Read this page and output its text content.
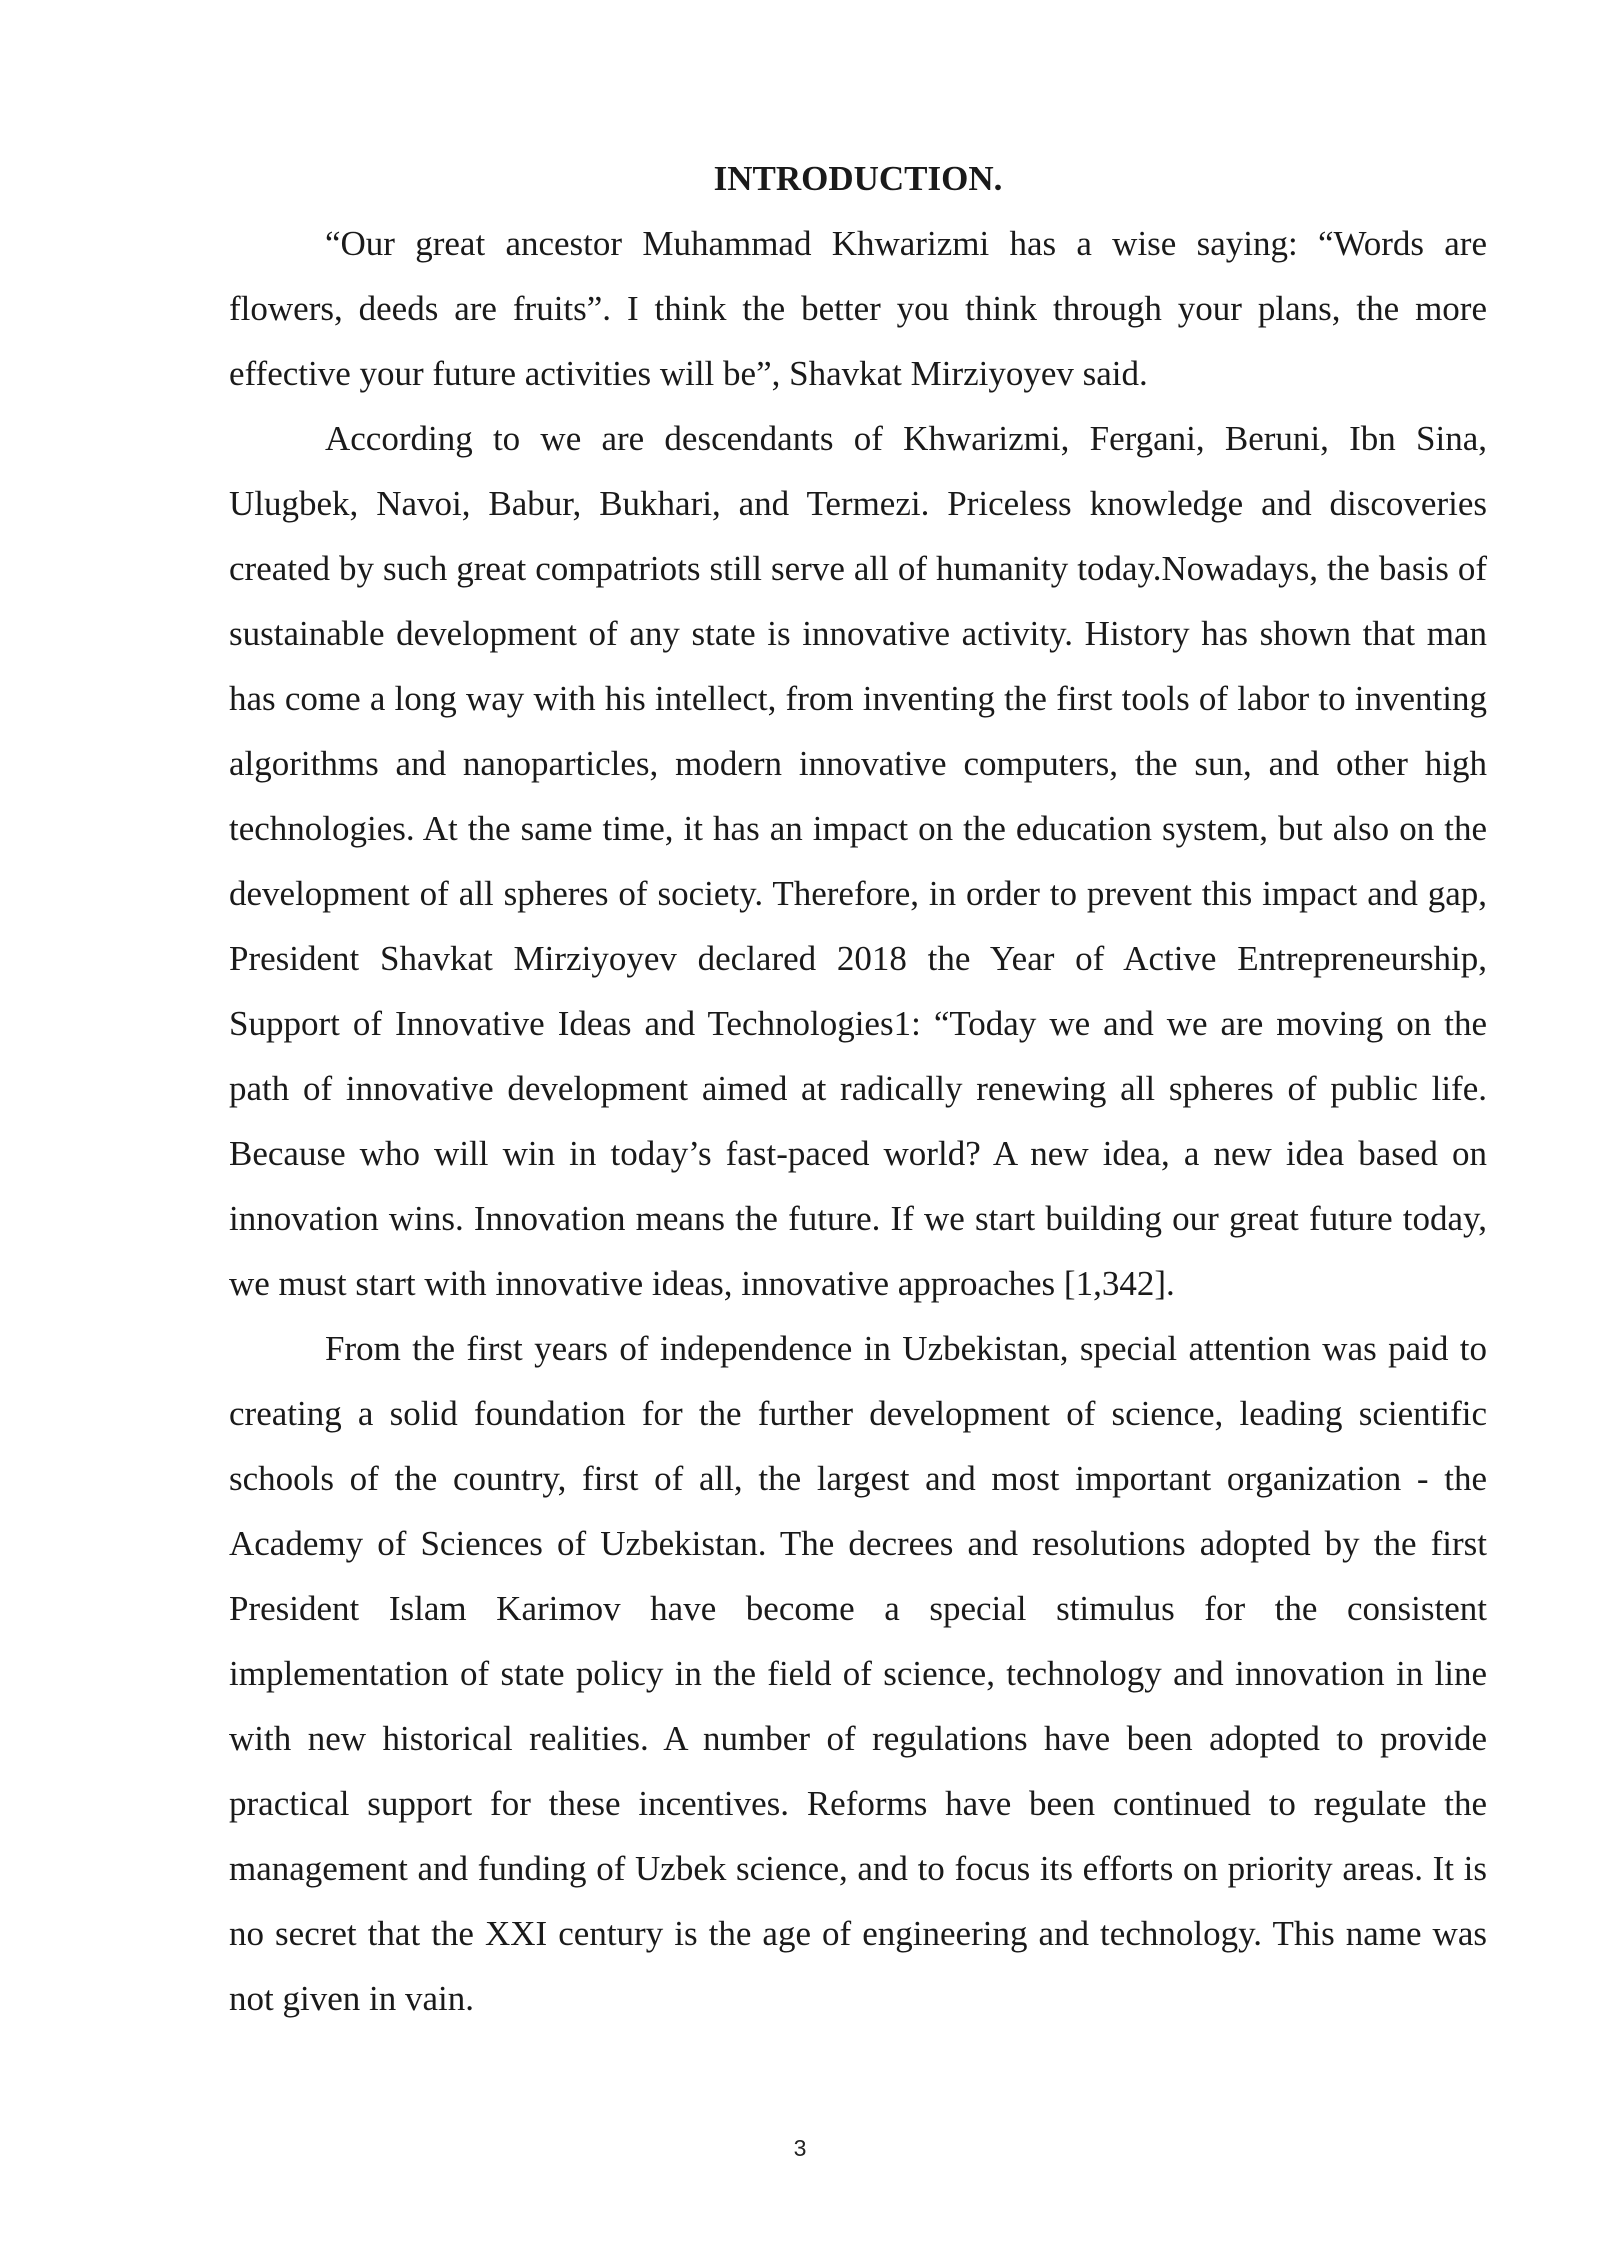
INTRODUCTION.

“Our great ancestor Muhammad Khwarizmi has a wise saying: “Words are flowers, deeds are fruits”. I think the better you think through your plans, the more effective your future activities will be”, Shavkat Mirziyoyev said.

According to we are descendants of Khwarizmi, Fergani, Beruni, Ibn Sina, Ulugbek, Navoi, Babur, Bukhari, and Termezi. Priceless knowledge and discoveries created by such great compatriots still serve all of humanity today.Nowadays, the basis of sustainable development of any state is innovative activity. History has shown that man has come a long way with his intellect, from inventing the first tools of labor to inventing algorithms and nanoparticles, modern innovative computers, the sun, and other high technologies. At the same time, it has an impact on the education system, but also on the development of all spheres of society. Therefore, in order to prevent this impact and gap, President Shavkat Mirziyoyev declared 2018 the Year of Active Entrepreneurship, Support of Innovative Ideas and Technologies1: “Today we and we are moving on the path of innovative development aimed at radically renewing all spheres of public life. Because who will win in today’s fast-paced world? A new idea, a new idea based on innovation wins. Innovation means the future. If we start building our great future today, we must start with innovative ideas, innovative approaches [1,342].

From the first years of independence in Uzbekistan, special attention was paid to creating a solid foundation for the further development of science, leading scientific schools of the country, first of all, the largest and most important organization - the Academy of Sciences of Uzbekistan. The decrees and resolutions adopted by the first President Islam Karimov have become a special stimulus for the consistent implementation of state policy in the field of science, technology and innovation in line with new historical realities. A number of regulations have been adopted to provide practical support for these incentives. Reforms have been continued to regulate the management and funding of Uzbek science, and to focus its efforts on priority areas. It is no secret that the XXI century is the age of engineering and technology. This name was not given in vain.

3
